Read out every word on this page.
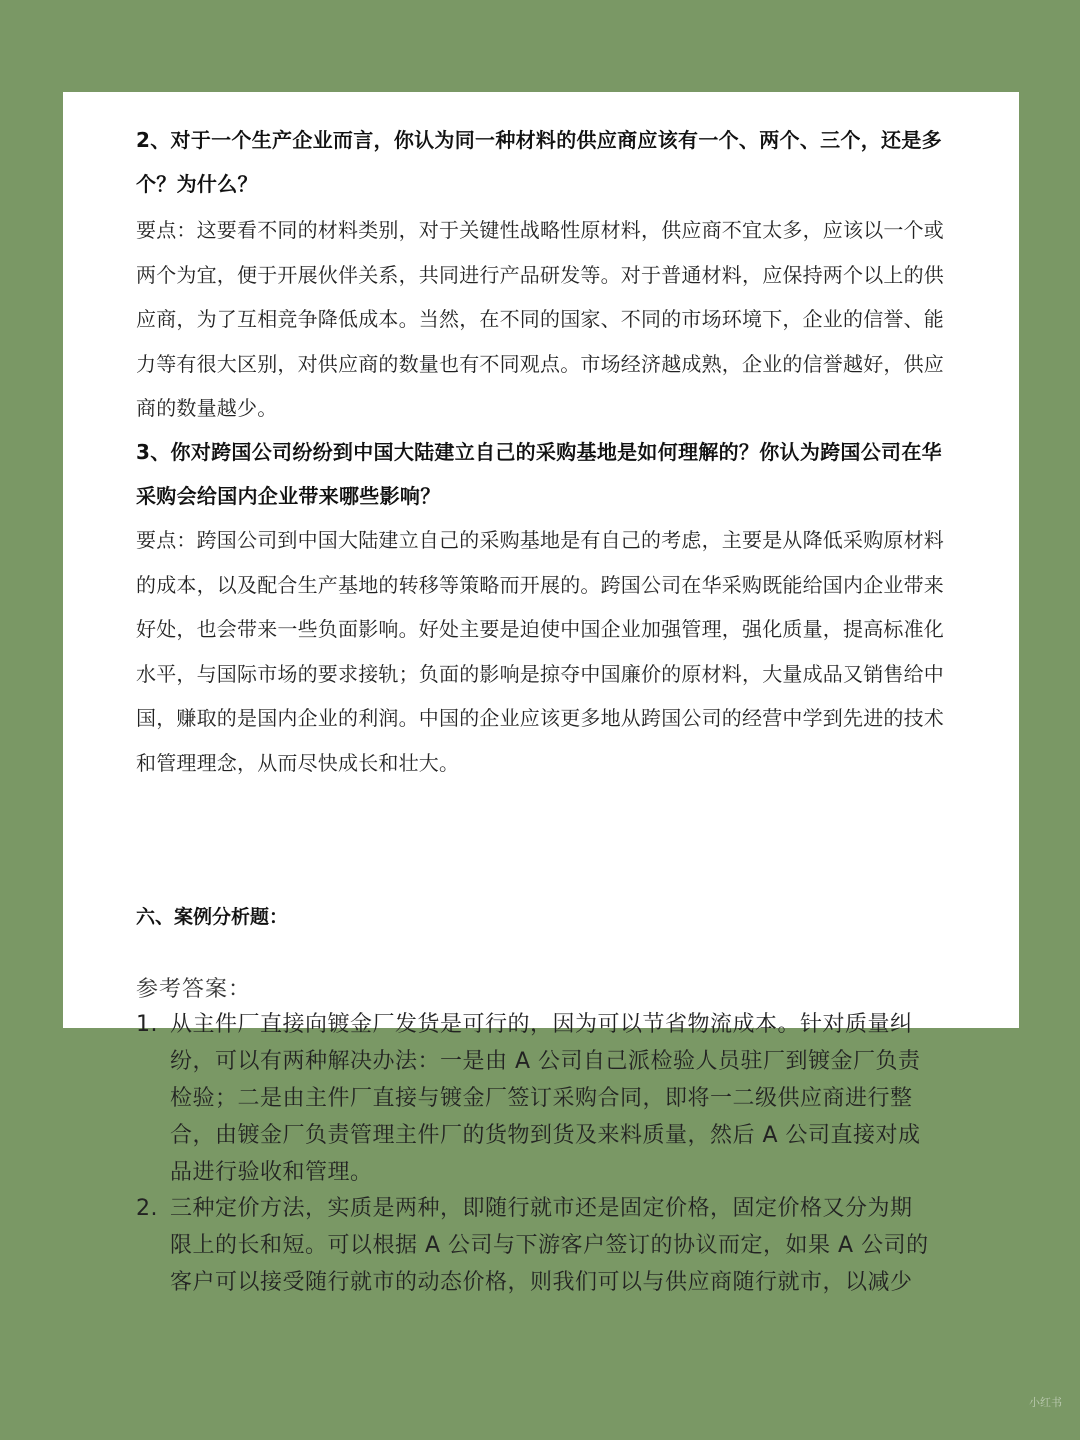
2、对于一个生产企业而言，你认为同一种材料的供应商应该有一个、两个、三个，还是多个？为什么？
要点：这要看不同的材料类别，对于关键性战略性原材料，供应商不宜太多，应该以一个或两个为宜，便于开展伙伴关系，共同进行产品研发等。对于普通材料，应保持两个以上的供应商，为了互相竞争降低成本。当然，在不同的国家、不同的市场环境下，企业的信誉、能力等有很大区别，对供应商的数量也有不同观点。市场经济越成熟，企业的信誉越好，供应商的数量越少。
3、你对跨国公司纷纷到中国大陆建立自己的采购基地是如何理解的？你认为跨国公司在华采购会给国内企业带来哪些影响？
要点：跨国公司到中国大陆建立自己的采购基地是有自己的考虑，主要是从降低采购原材料的成本，以及配合生产基地的转移等策略而开展的。跨国公司在华采购既能给国内企业带来好处，也会带来一些负面影响。好处主要是迫使中国企业加强管理，强化质量，提高标准化水平，与国际市场的要求接轨；负面的影响是掠夺中国廉价的原材料，大量成品又销售给中国，赚取的是国内企业的利润。中国的企业应该更多地从跨国公司的经营中学到先进的技术和管理理念，从而尽快成长和壮大。
六、案例分析题：
参考答案：
1. 从主件厂直接向镀金厂发货是可行的，因为可以节省物流成本。针对质量纠纷，可以有两种解决办法：一是由 A 公司自己派检验人员驻厂到镀金厂负责检验；二是由主件厂直接与镀金厂签订采购合同，即将一二级供应商进行整合，由镀金厂负责管理主件厂的货物到货及来料质量，然后 A 公司直接对成品进行验收和管理。
2. 三种定价方法，实质是两种，即随行就市还是固定价格，固定价格又分为期限上的长和短。可以根据 A 公司与下游客户签订的协议而定，如果 A 公司的客户可以接受随行就市的动态价格，则我们可以与供应商随行就市，以减少
小红书
